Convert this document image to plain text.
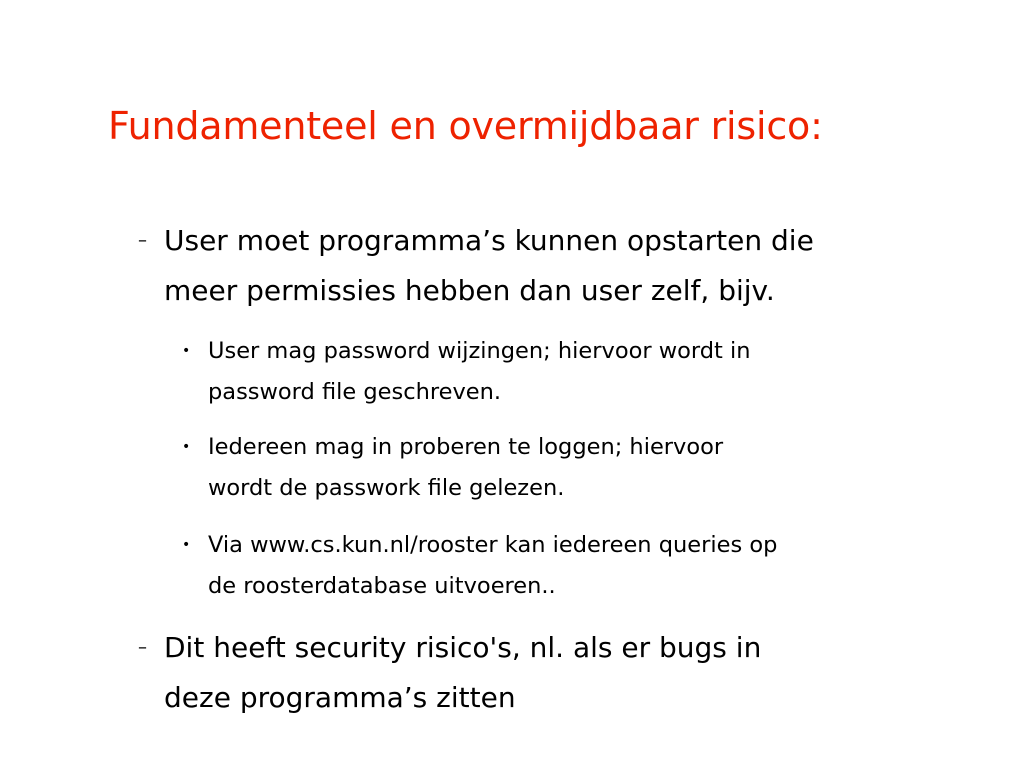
Fundamenteel en overmijdbaar risico:
– User moet programma’s kunnen opstarten die
meer permissies hebben dan user zelf, bijv.
• User mag password wijzingen; hiervoor wordt in
password file geschreven.
• Iedereen mag in proberen te loggen; hiervoor
wordt de passwork file gelezen.
• Via www.cs.kun.nl/rooster kan iedereen queries op
de roosterdatabase uitvoeren..
– Dit heeft security risico's, nl. als er bugs in
deze programma’s zitten
